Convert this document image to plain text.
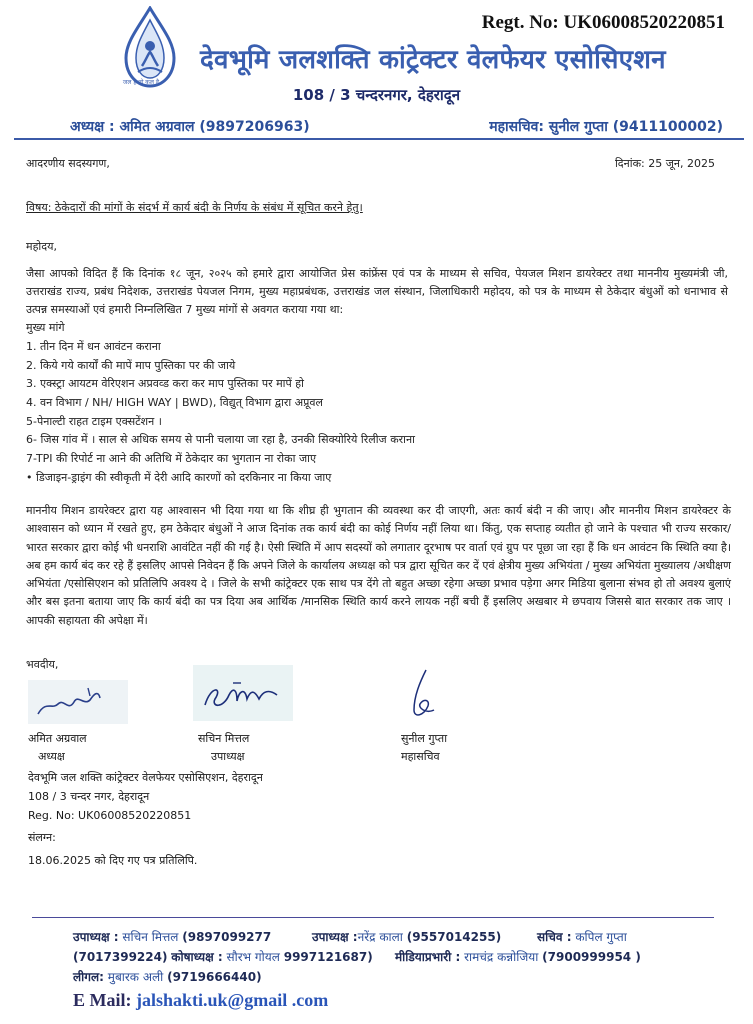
Regt. No: UK06008520220851
जल है तो कल है
देवभूमि जलशक्ति कांट्रेक्टर वेलफेयर एसोसिएशन
108 / 3 चन्दरनगर, देहरादून
अध्यक्ष : अमित अग्रवाल (9897206963)	महासचिव: सुनील गुप्ता (9411100002)
आदरणीय सदस्यगण,	दिनांक: 25 जून, 2025
विषय: ठेकेदारों की मांगों के संदर्भ में कार्य बंदी के निर्णय के संबंध में सूचित करने हेतु।
महोदय,
जैसा आपको विदित हैं कि दिनांक १८ जून, २०२५ को हमारे द्वारा आयोजित प्रेस कांफ्रेंस एवं पत्र के माध्यम से सचिव, पेयजल मिशन डायरेक्टर तथा माननीय मुख्यमंत्री जी, उत्तराखंड राज्य, प्रबंध निदेशक, उत्तराखंड पेयजल निगम, मुख्य महाप्रबंधक, उत्तराखंड जल संस्थान, जिलाधिकारी महोदय, को पत्र के माध्यम से ठेकेदार बंधुओं को धनाभाव से उत्पन्न समस्याओं एवं हमारी निम्नलिखित 7 मुख्य मांगों से अवगत कराया गया था:
मुख्य मांगे
1. तीन दिन में धन आवंटन कराना
2. किये गये कार्यों की मापें माप पुस्तिका पर की जाये
3. एक्स्ट्रा आयटम वेरिएशन अप्रवव्ड करा कर माप पुस्तिका पर मापें हो
4. वन विभाग / NH/ HIGH WAY | BWD), विद्युत् विभाग द्वारा अप्रूवल
5-पेनाल्टी राहत टाइम एक्सटेंशन ।
6- जिस गांव में । साल से अधिक समय से पानी चलाया जा रहा है, उनकी सिक्योरिये रिलीज कराना
7-TPI की रिपोर्ट ना आने की अतिथि में ठेकेदार का भुगतान ना रोका जाए
• डिजाइन-ड्राइंग की स्वीकृती में देरी आदि कारणों को दरकिनार ना किया जाए
माननीय मिशन डायरेक्टर द्वारा यह आश्वासन भी दिया गया था कि शीघ्र ही भुगतान की व्यवस्था कर दी जाएगी, अतः कार्य बंदी न की जाए। और माननीय मिशन डायरेक्टर के आश्वासन को ध्यान में रखते हुए, हम ठेकेदार बंधुओं ने आज दिनांक तक कार्य बंदी का कोई निर्णय नहीं लिया था। किंतु, एक सप्ताह व्यतीत हो जाने के पश्चात भी राज्य सरकार/भारत सरकार द्वारा कोई भी धनराशि आवंटित नहीं की गई है। ऐसी स्थिति में आप सदस्यों को लगातार दूरभाष पर वार्ता एवं ग्रुप पर पूछा जा रहा हैं कि धन आवंटन कि स्थिति क्या है। अब हम कार्य बंद कर रहे हैं इसलिए आपसे निवेदन हैं कि अपने जिले के कार्यालय अध्यक्ष को पत्र द्वारा सूचित कर दें एवं क्षेत्रीय मुख्य अभियंता / मुख्य अभियंता मुख्यालय /अधीक्षण अभियंता /एसोसिएशन को प्रतिलिपि अवश्य दे । जिले के सभी कांट्रेक्टर एक साथ पत्र देंगे तो बहुत अच्छा रहेगा अच्छा प्रभाव पड़ेगा अगर मिडिया बुलाना संभव हो तो अवश्य बुलाएं और बस इतना बताया जाए कि कार्य बंदी का पत्र दिया अब आर्थिक /मानसिक स्थिति कार्य करने लायक नहीं बची हैं इसलिए अखबार मे छपवाय जिससे बात सरकार तक जाए । आपकी सहायता की अपेक्षा में।
भवदीय,
अमित अग्रवाल
अध्यक्ष
सचिन मित्तल
उपाध्यक्ष
सुनील गुप्ता
महासचिव
देवभूमि जल शक्ति कांट्रेक्टर वेलफेयर एसोसिएशन, देहरादून
108 / 3 चन्दर नगर, देहरादून
Reg. No: UK06008520220851
संलग्न:
18.06.2025 को दिए गए पत्र प्रतिलिपि.
उपाध्यक्ष : सचिन मित्तल (9897099277	उपाध्यक्ष :नरेंद्र काला (9557014255)	सचिव : कपिल गुप्ता
(7017399224) कोषाध्यक्ष : सौरभ गोयल 9997121687) मीडियाप्रभारी : रामचंद्र कन्नोजिया (7900999954 )
लीगल: मुबारक अली (9719666440)
E Mail: jalshakti.uk@gmail .com
